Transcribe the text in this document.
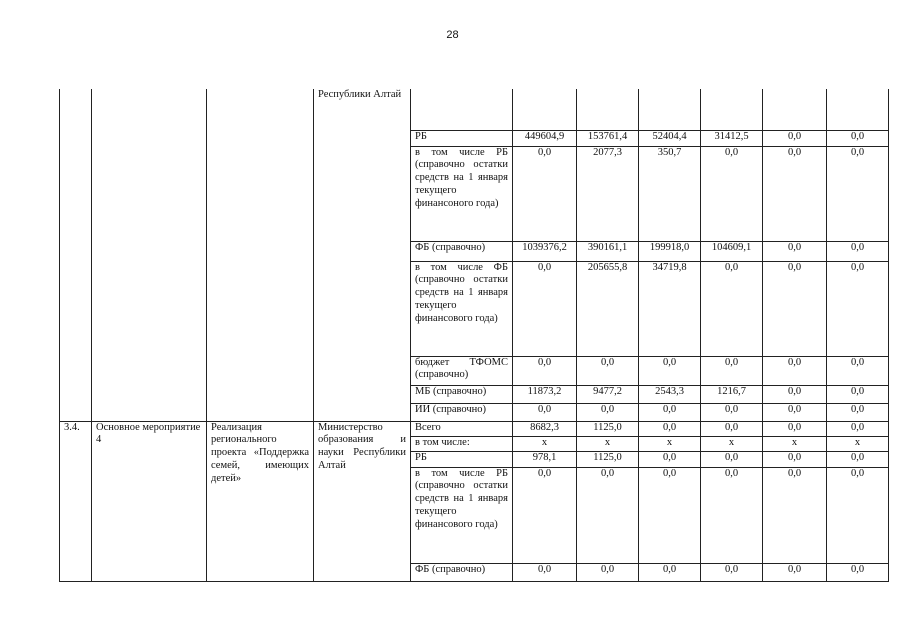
28
			Республики Алтай							
				РБ	449604,9	153761,4	52404,4	31412,5	0,0	0,0
				в том числе РБ (справочно остатки средств на 1 января текущего финансоного года)	0,0	2077,3	350,7	0,0	0,0	0,0
				ФБ (справочно)	1039376,2	390161,1	199918,0	104609,1	0,0	0,0
				в том числе ФБ (справочно остатки средств на 1 января текущего финансового года)	0,0	205655,8	34719,8	0,0	0,0	0,0
				бюджет ТФОМС (справочно)	0,0	0,0	0,0	0,0	0,0	0,0
				МБ (справочно)	11873,2	9477,2	2543,3	1216,7	0,0	0,0
				ИИ (справочно)	0,0	0,0	0,0	0,0	0,0	0,0
3.4.	Основное мероприятие 4	Реализация регионального проекта «Поддержка семей, имеющих детей»	Министерство образования и науки Республики Алтай	Всего	8682,3	1125,0	0,0	0,0	0,0	0,0
				в том числе:	х	х	х	х	х	х
				РБ	978,1	1125,0	0,0	0,0	0,0	0,0
				в том числе РБ (справочно остатки средств на 1 января текущего финансового года)	0,0	0,0	0,0	0,0	0,0	0,0
				ФБ (справочно)	0,0	0,0	0,0	0,0	0,0	0,0
